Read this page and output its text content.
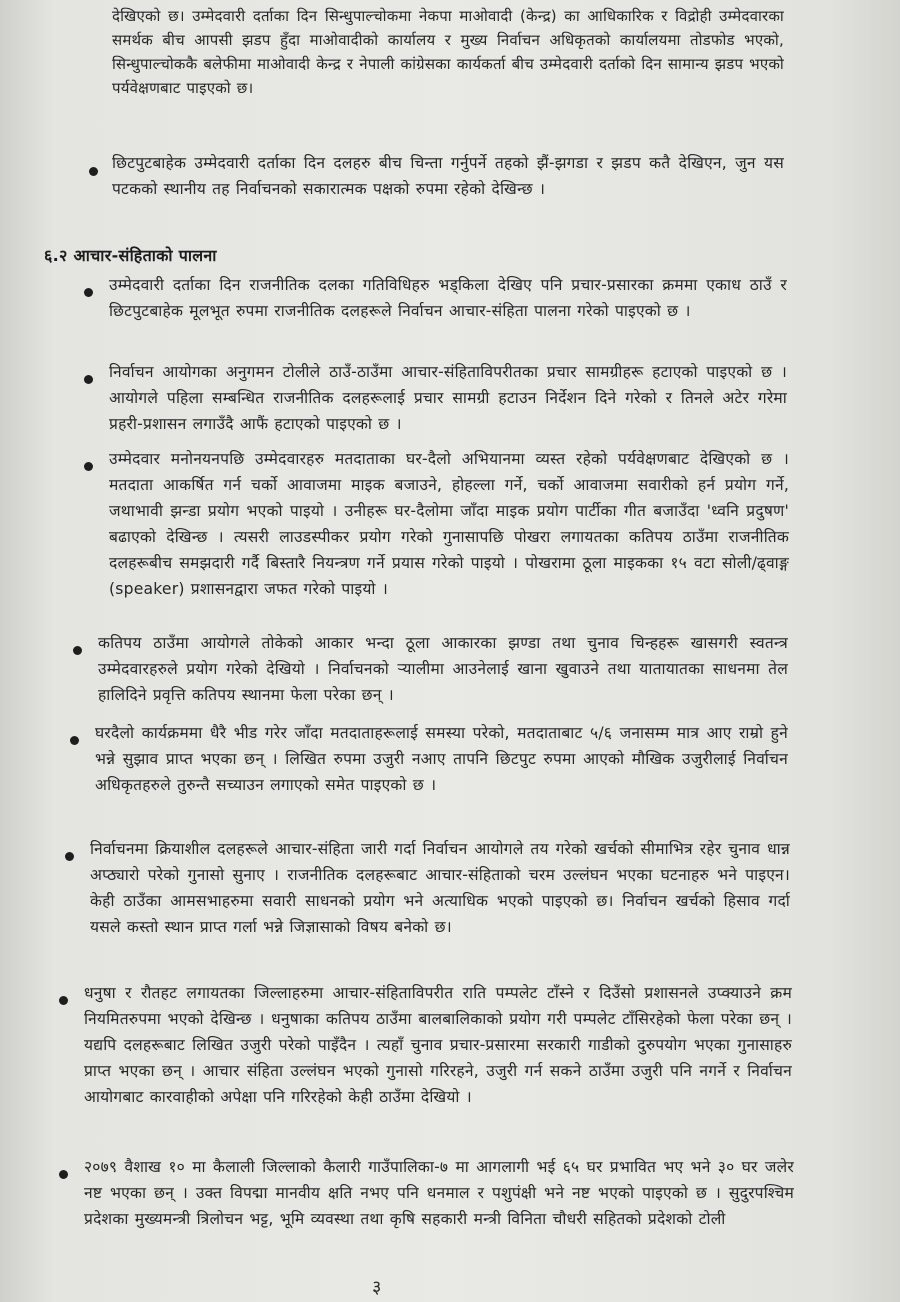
देखिएको छ। उम्मेदवारी दर्ताका दिन सिन्धुपाल्चोकमा नेकपा माओवादी (केन्द्र) का आधिकारिक र विद्रोही उम्मेदवारका समर्थक बीच आपसी झडप हुँदा माओवादीको कार्यालय र मुख्य निर्वाचन अधिकृतको कार्यालयमा तोडफोड भएको, सिन्धुपाल्चोककै बलेफीमा माओवादी केन्द्र र नेपाली कांग्रेसका कार्यकर्ता बीच उम्मेदवारी दर्ताको दिन सामान्य झडप भएको पर्यवेक्षणबाट पाइएको छ।
छिटपुटबाहेक उम्मेदवारी दर्ताका दिन दलहरु बीच चिन्ता गर्नुपर्ने तहको झैं-झगडा र झडप कतै देखिएन, जुन यस पटकको स्थानीय तह निर्वाचनको सकारात्मक पक्षको रुपमा रहेको देखिन्छ ।
६.२ आचार-संहिताको पालना
उम्मेदवारी दर्ताका दिन राजनीतिक दलका गतिविधिहरु भड्किला देखिए पनि प्रचार-प्रसारका क्रममा एकाध ठाउँ र छिटपुटबाहेक मूलभूत रुपमा राजनीतिक दलहरूले निर्वाचन आचार-संहिता पालना गरेको पाइएको छ ।
निर्वाचन आयोगका अनुगमन टोलीले ठाउँ-ठाउँमा आचार-संहिताविपरीतका प्रचार सामग्रीहरू हटाएको पाइएको छ । आयोगले पहिला सम्बन्धित राजनीतिक दलहरूलाई प्रचार सामग्री हटाउन निर्देशन दिने गरेको र तिनले अटेर गरेमा प्रहरी-प्रशासन लगाउँदै आफैं हटाएको पाइएको छ ।
उम्मेदवार मनोनयनपछि उम्मेदवारहरु मतदाताका घर-दैलो अभियानमा व्यस्त रहेको पर्यवेक्षणबाट देखिएको छ । मतदाता आकर्षित गर्न चर्को आवाजमा माइक बजाउने, होहल्ला गर्ने, चर्को आवाजमा सवारीको हर्न प्रयोग गर्ने, जथाभावी झन्डा प्रयोग भएको पाइयो । उनीहरू घर-दैलोमा जाँदा माइक प्रयोग पार्टीका गीत बजाउँदा 'ध्वनि प्रदुषण' बढाएको देखिन्छ । त्यसरी लाउडस्पीकर प्रयोग गरेको गुनासापछि पोखरा लगायतका कतिपय ठाउँमा राजनीतिक दलहरूबीच समझदारी गर्दै बिस्तारै नियन्त्रण गर्ने प्रयास गरेको पाइयो । पोखरामा ठूला माइकका १५ वटा सोली/ढ्वाङ्ग (speaker) प्रशासनद्वारा जफत गरेको पाइयो ।
कतिपय ठाउँमा आयोगले तोकेको आकार भन्दा ठूला आकारका झण्डा तथा चुनाव चिन्हहरू खासगरी स्वतन्त्र उम्मेदवारहरुले प्रयोग गरेको देखियो । निर्वाचनको ऱ्यालीमा आउनेलाई खाना खुवाउने तथा यातायातका साधनमा तेल हालिदिने प्रवृत्ति कतिपय स्थानमा फेला परेका छन् ।
घरदैलो कार्यक्रममा धैरै भीड गरेर जाँदा मतदाताहरूलाई समस्या परेको, मतदाताबाट ५/६ जनासम्म मात्र आए राम्रो हुने भन्ने सुझाव प्राप्त भएका छन् । लिखित रुपमा उजुरी नआए तापनि छिटपुट रुपमा आएको मौखिक उजुरीलाई निर्वाचन अधिकृतहरुले तुरुन्तै सच्याउन लगाएको समेत पाइएको छ ।
निर्वाचनमा क्रियाशील दलहरूले आचार-संहिता जारी गर्दा निर्वाचन आयोगले तय गरेको खर्चको सीमाभित्र रहेर चुनाव धान्न अप्ठ्यारो परेको गुनासो सुनाए । राजनीतिक दलहरूबाट आचार-संहिताको चरम उल्लंघन भएका घटनाहरु भने पाइएन। केही ठाउँका आमसभाहरुमा सवारी साधनको प्रयोग भने अत्याधिक भएको पाइएको छ। निर्वाचन खर्चको हिसाव गर्दा यसले कस्तो स्थान प्राप्त गर्ला भन्ने जिज्ञासाको विषय बनेको छ।
धनुषा र रौतहट लगायतका जिल्लाहरुमा आचार-संहिताविपरीत राति पम्पलेट टाँस्ने र दिउँसो प्रशासनले उप्क्याउने क्रम नियमितरुपमा भएको देखिन्छ । धनुषाका कतिपय ठाउँमा बालबालिकाको प्रयोग गरी पम्पलेट टाँसिरहेको फेला परेका छन् । यद्यपि दलहरूबाट लिखित उजुरी परेको पाइँदैन । त्यहाँ चुनाव प्रचार-प्रसारमा सरकारी गाडीको दुरुपयोग भएका गुनासाहरु प्राप्त भएका छन् । आचार संहिता उल्लंघन भएको गुनासो गरिरहने, उजुरी गर्न सकने ठाउँमा उजुरी पनि नगर्ने र निर्वाचन आयोगबाट कारवाहीको अपेक्षा पनि गरिरहेको केही ठाउँमा देखियो ।
२०७९ वैशाख १० मा कैलाली जिल्लाको कैलारी गाउँपालिका-७ मा आगलागी भई ६५ घर प्रभावित भए भने ३० घर जलेर नष्ट भएका छन् । उक्त विपद्मा मानवीय क्षति नभए पनि धनमाल र पशुपंक्षी भने नष्ट भएको पाइएको छ । सुदुरपश्चिम प्रदेशका मुख्यमन्त्री त्रिलोचन भट्ट, भूमि व्यवस्था तथा कृषि सहकारी मन्त्री विनिता चौधरी सहितको प्रदेशको टोली
३
